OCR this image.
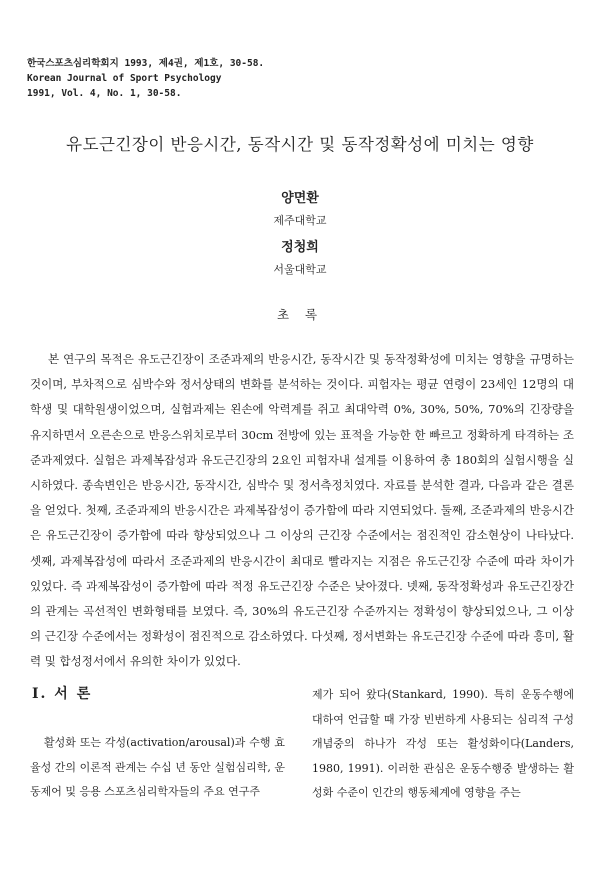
한국스포츠심리학회지 1993, 제4권, 제1호, 30-58.
Korean Journal of Sport Psychology
1991, Vol. 4, No. 1, 30-58.
유도근긴장이 반응시간, 동작시간 및 동작정확성에 미치는 영향
양면환
제주대학교
정청희
서울대학교
초 록

본 연구의 목적은 유도근긴장이 조준과제의 반응시간, 동작시간 및 동작정확성에 미치는 영향을 규명하는 것이며, 부차적으로 심박수와 정서상태의 변화를 분석하는 것이다. 피험자는 평균 연령이 23세인 12명의 대학생 및 대학원생이었으며, 실험과제는 왼손에 악력계를 쥐고 최대악력 0%, 30%, 50%, 70%의 긴장량을 유지하면서 오른손으로 반응스위치로부터 30cm 전방에 있는 표적을 가능한 한 빠르고 정확하게 타격하는 조준과제였다. 실험은 과제복잡성과 유도근긴장의 2요인 피험자내 설계를 이용하여 총 180회의 실험시행을 실시하였다. 종속변인은 반응시간, 동작시간, 심박수 및 정서측정치였다. 자료를 분석한 결과, 다음과 같은 결론을 얻었다. 첫째, 조준과제의 반응시간은 과제복잡성이 증가함에 따라 지연되었다. 둘째, 조준과제의 반응시간은 유도근긴장이 증가함에 따라 향상되었으나 그 이상의 근긴장 수준에서는 점진적인 감소현상이 나타났다. 셋째, 과제복잡성에 따라서 조준과제의 반응시간이 최대로 빨라지는 지점은 유도근긴장 수준에 따라 차이가 있었다. 즉 과제복잡성이 증가함에 따라 적정 유도근긴장 수준은 낮아졌다. 넷째, 동작정확성과 유도근긴장간의 관계는 곡선적인 변화형태를 보였다. 즉, 30%의 유도근긴장 수준까지는 정확성이 향상되었으나, 그 이상의 근긴장 수준에서는 정확성이 점진적으로 감소하였다. 다섯째, 정서변화는 유도근긴장 수준에 따라 흥미, 활력 및 합성정서에서 유의한 차이가 있었다.

Ⅰ. 서 론

활성화 또는 각성(activation/arousal)과 수행 효율성 간의 이론적 관계는 수십 년 동안 실험심리학, 운동제어 및 응용 스포츠심리학자들의 주요 연구주

제가 되어 왔다(Stankard, 1990). 특히 운동수행에 대하여 언급할 때 가장 빈번하게 사용되는 심리적 구성개념중의 하나가 각성 또는 활성화이다(Landers, 1980, 1991). 이러한 관심은 운동수행중 발생하는 활성화 수준이 인간의 행동체계에 영향을 주는
